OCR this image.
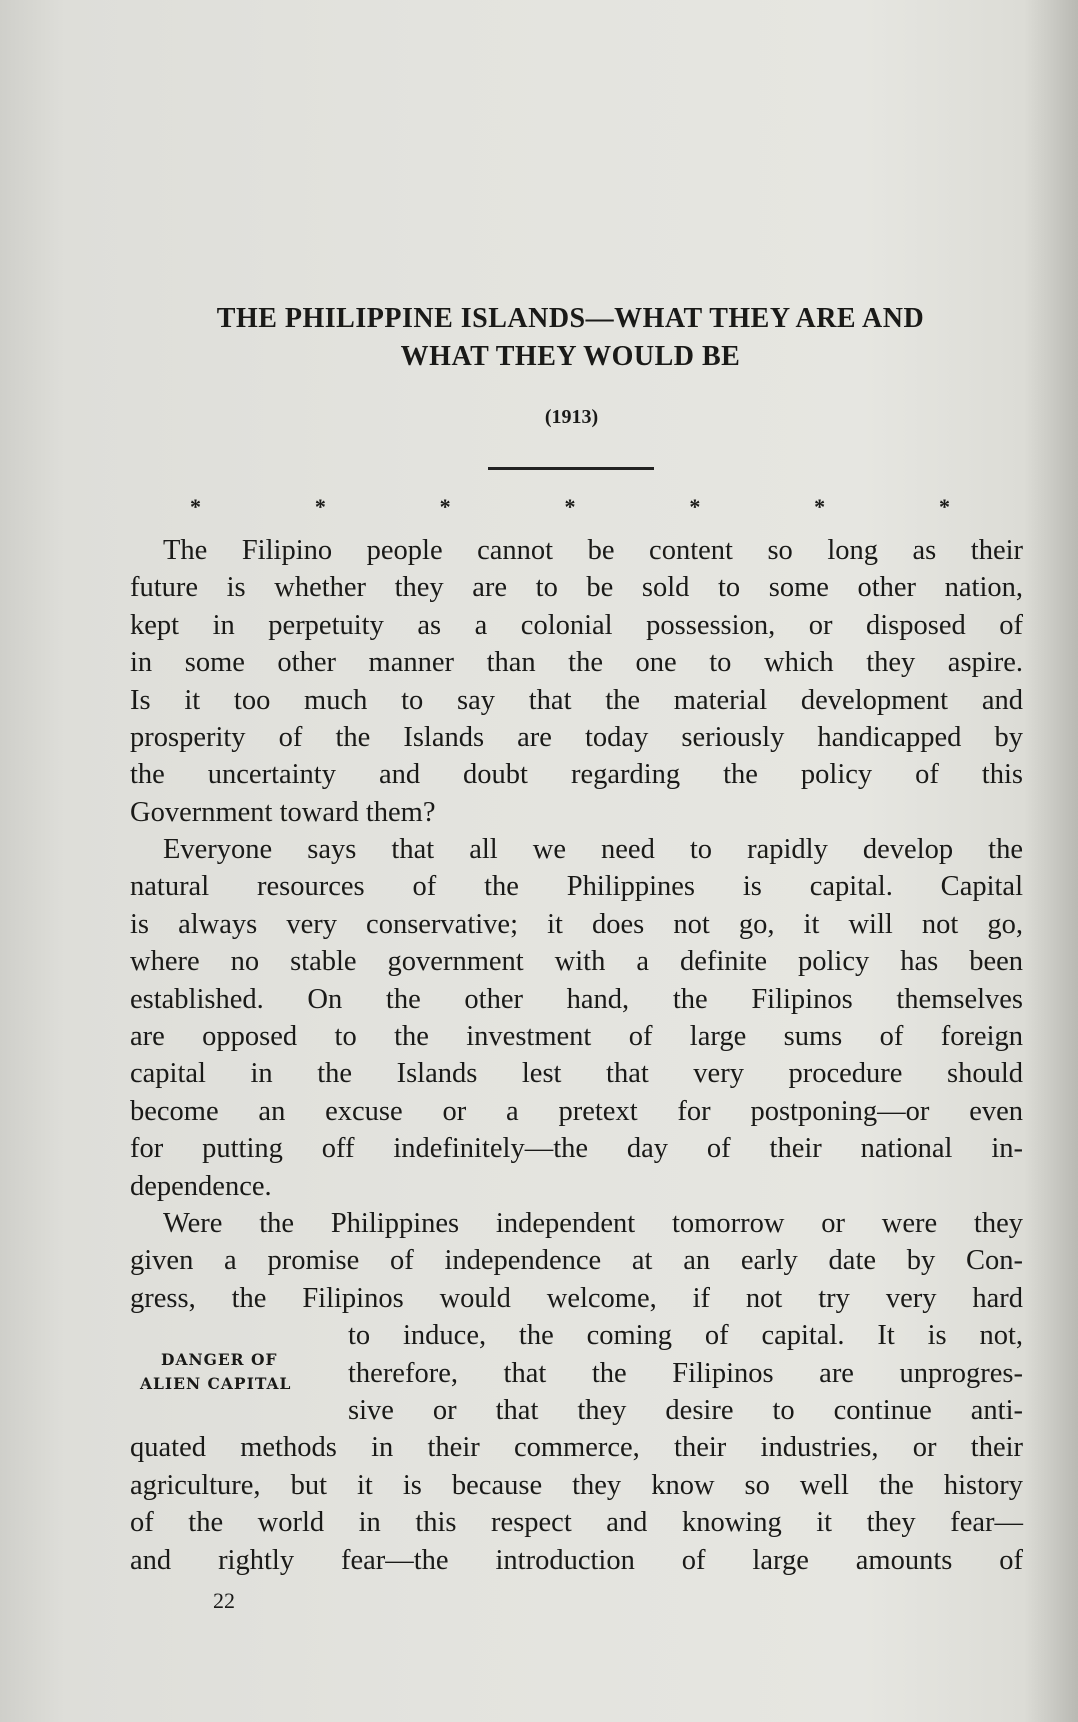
THE PHILIPPINE ISLANDS—WHAT THEY ARE AND
WHAT THEY WOULD BE
(1913)
*	*	*	*	*	*	*
The Filipino people cannot be content so long as their
future is whether they are to be sold to some other nation,
kept in perpetuity as a colonial possession, or disposed of
in some other manner than the one to which they aspire.
Is it too much to say that the material development and
prosperity of the Islands are today seriously handicapped by
the uncertainty and doubt regarding the policy of this
Government toward them?
Everyone says that all we need to rapidly develop the
natural resources of the Philippines is capital. Capital
is always very conservative; it does not go, it will not go,
where no stable government with a definite policy has been
established. On the other hand, the Filipinos themselves
are opposed to the investment of large sums of foreign
capital in the Islands lest that very procedure should
become an excuse or a pretext for postponing—or even
for putting off indefinitely—the day of their national in-
dependence.
Were the Philippines independent tomorrow or were they
given a promise of independence at an early date by Con-
gress, the Filipinos would welcome, if not try very hard
to induce, the coming of capital. It is not,
therefore, that the Filipinos are unprogres-
sive or that they desire to continue anti-
quated methods in their commerce, their industries, or their
agriculture, but it is because they know so well the history
of the world in this respect and knowing it they fear—
and rightly fear—the introduction of large amounts of
DANGER OF
ALIEN CAPITAL
22
